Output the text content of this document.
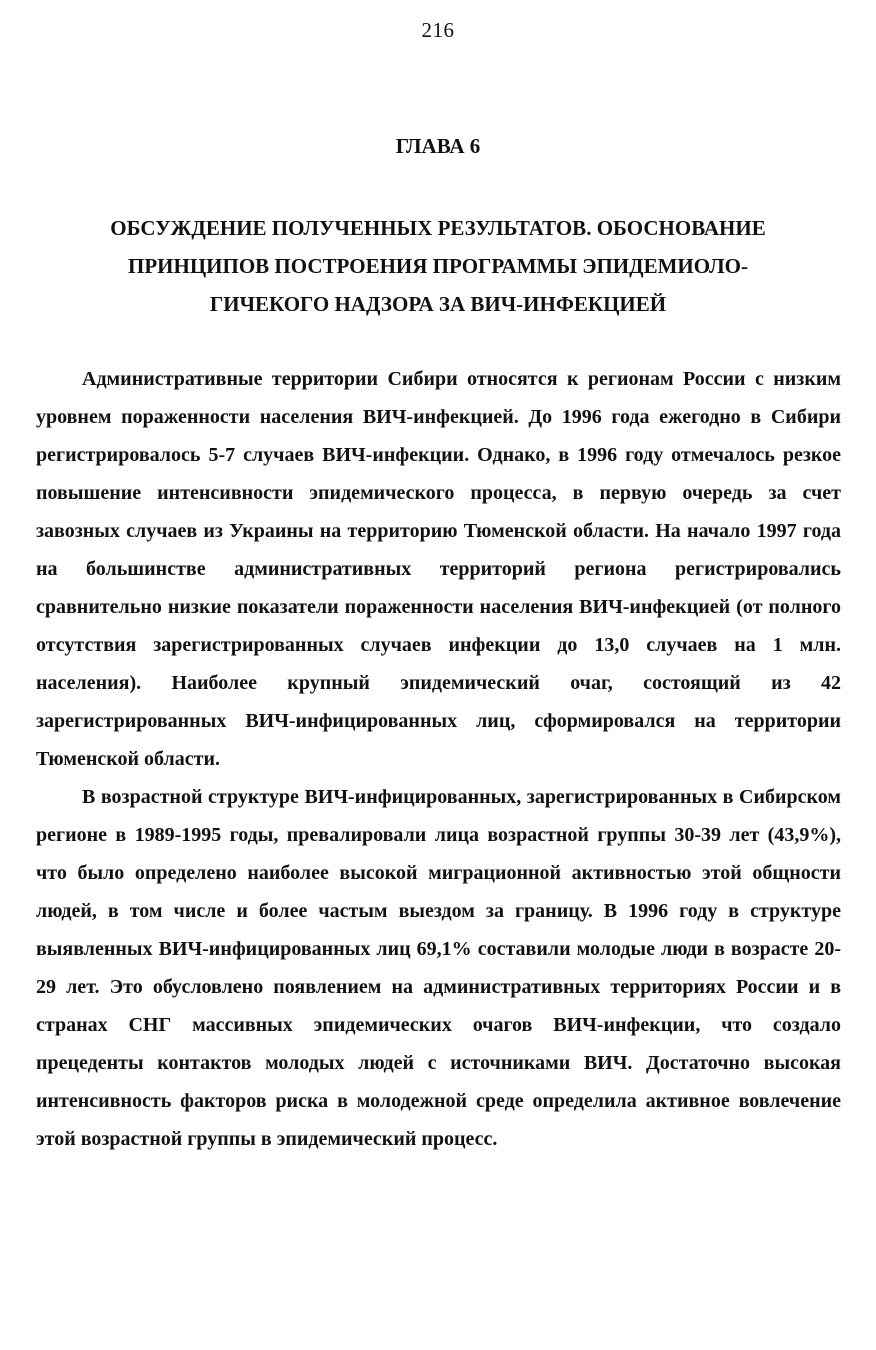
216
ГЛАВА 6
ОБСУЖДЕНИЕ ПОЛУЧЕННЫХ РЕЗУЛЬТАТОВ. ОБОСНОВАНИЕ
ПРИНЦИПОВ ПОСТРОЕНИЯ ПРОГРАММЫ ЭПИДЕМИОЛО-
ГИЧЕКОГО НАДЗОРА ЗА ВИЧ-ИНФЕКЦИЕЙ

Административные территории Сибири относятся к регионам России с низким уровнем пораженности населения ВИЧ-инфекцией. До 1996 года ежегодно в Сибири регистрировалось 5-7 случаев ВИЧ-инфекции. Однако, в 1996 году отмечалось резкое повышение интенсивности эпидемического процесса, в первую очередь за счет завозных случаев из Украины на территорию Тюменской области. На начало 1997 года на большинстве административных территорий региона регистрировались сравнительно низкие показатели пораженности населения ВИЧ-инфекцией (от полного отсутствия зарегистрированных случаев инфекции до 13,0 случаев на 1 млн. населения). Наиболее крупный эпидемический очаг, состоящий из 42 зарегистрированных ВИЧ-инфицированных лиц, сформировался на территории Тюменской области.

В возрастной структуре ВИЧ-инфицированных, зарегистрированных в Сибирском регионе в 1989-1995 годы, превалировали лица возрастной группы 30-39 лет (43,9%), что было определено наиболее высокой миграционной активностью этой общности людей, в том числе и более частым выездом за границу. В 1996 году в структуре выявленных ВИЧ-инфицированных лиц 69,1% составили молодые люди в возрасте 20-29 лет. Это обусловлено появлением на административных территориях России и в странах СНГ массивных эпидемических очагов ВИЧ-инфекции, что создало прецеденты контактов молодых людей с источниками ВИЧ. Достаточно высокая интенсивность факторов риска в молодежной среде определила активное вовлечение этой возрастной группы в эпидемический процесс.
